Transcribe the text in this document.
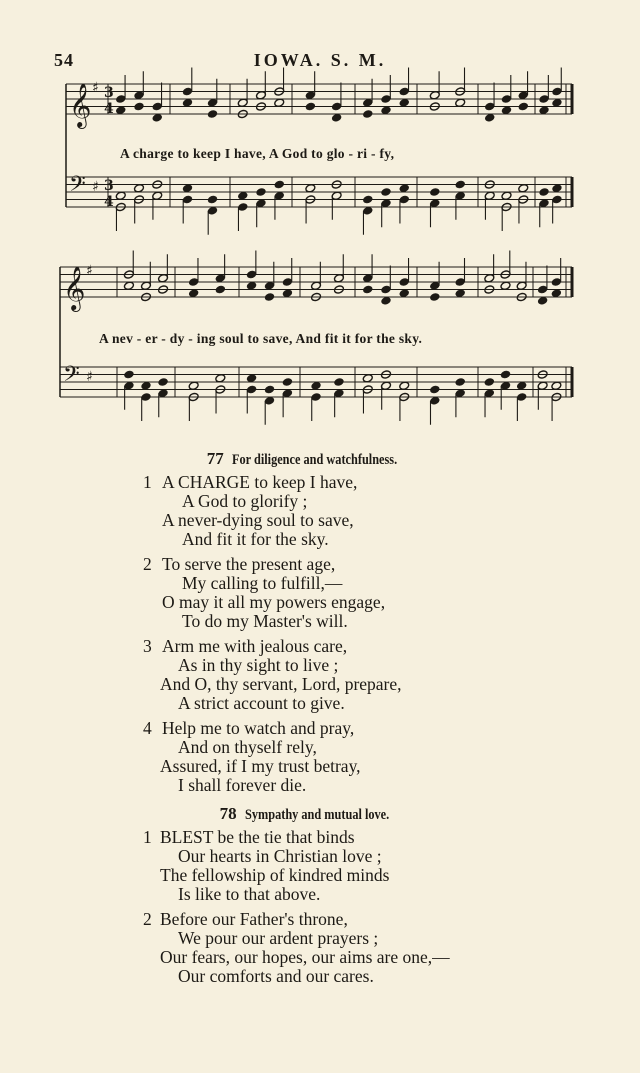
54	IOWA. S. M.
𝄞 ♯ 3
4
𝄢 ♯ 3
4
𝄞 ♯
𝄢 ♯
A charge to keep I have, A God to glo - ri - fy,
A nev - er - dy - ing soul to save, And fit it for the sky.
77 For diligence and watchfulness.
1 A CHARGE to keep I have,
A God to glorify ;
A never-dying soul to save,
And fit it for the sky.
2 To serve the present age,
My calling to fulfill,—
O may it all my powers engage,
To do my Master's will.
3 Arm me with jealous care,
As in thy sight to live ;
And O, thy servant, Lord, prepare,
A strict account to give.
4 Help me to watch and pray,
And on thyself rely,
Assured, if I my trust betray,
I shall forever die.
78 Sympathy and mutual love.
1 BLEST be the tie that binds
Our hearts in Christian love ;
The fellowship of kindred minds
Is like to that above.
2 Before our Father's throne,
We pour our ardent prayers ;
Our fears, our hopes, our aims are one,—
Our comforts and our cares.
